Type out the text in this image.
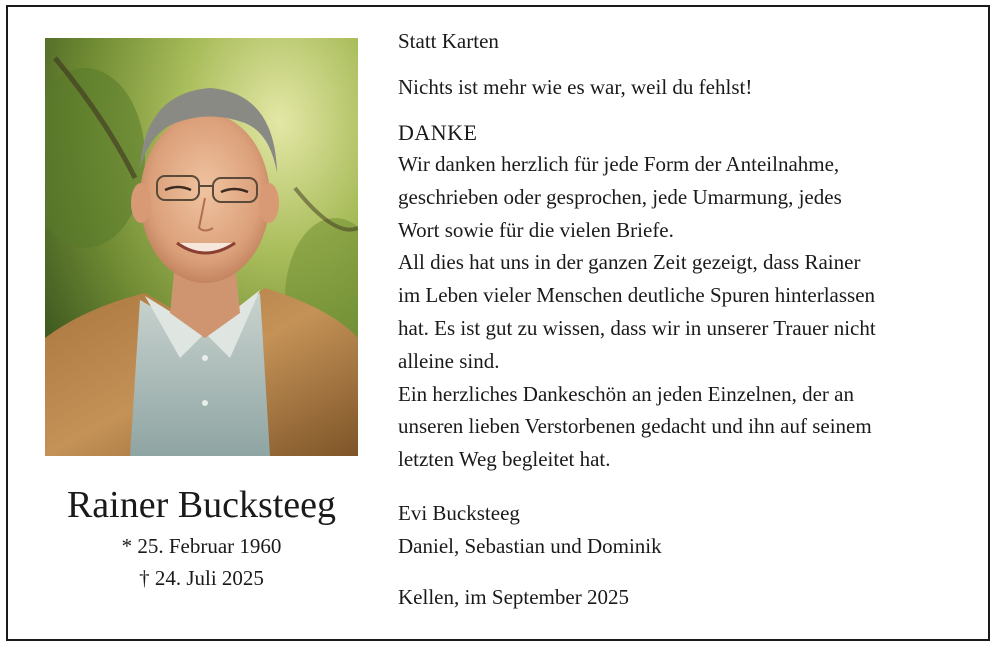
Rainer Bucksteeg

* 25. Februar 1960

† 24. Juli 2025

Statt Karten

Nichts ist mehr wie es war, weil du fehlst!

DANKE

Wir danken herzlich für jede Form der Anteilnahme,

geschrieben oder gesprochen, jede Umarmung, jedes

Wort sowie für die vielen Briefe.

All dies hat uns in der ganzen Zeit gezeigt, dass Rainer

im Leben vieler Menschen deutliche Spuren hinterlassen

hat. Es ist gut zu wissen, dass wir in unserer Trauer nicht

alleine sind.

Ein herzliches Dankeschön an jeden Einzelnen, der an

unseren lieben Verstorbenen gedacht und ihn auf seinem

letzten Weg begleitet hat.

Evi Bucksteeg

Daniel, Sebastian und Dominik

Kellen, im September 2025
